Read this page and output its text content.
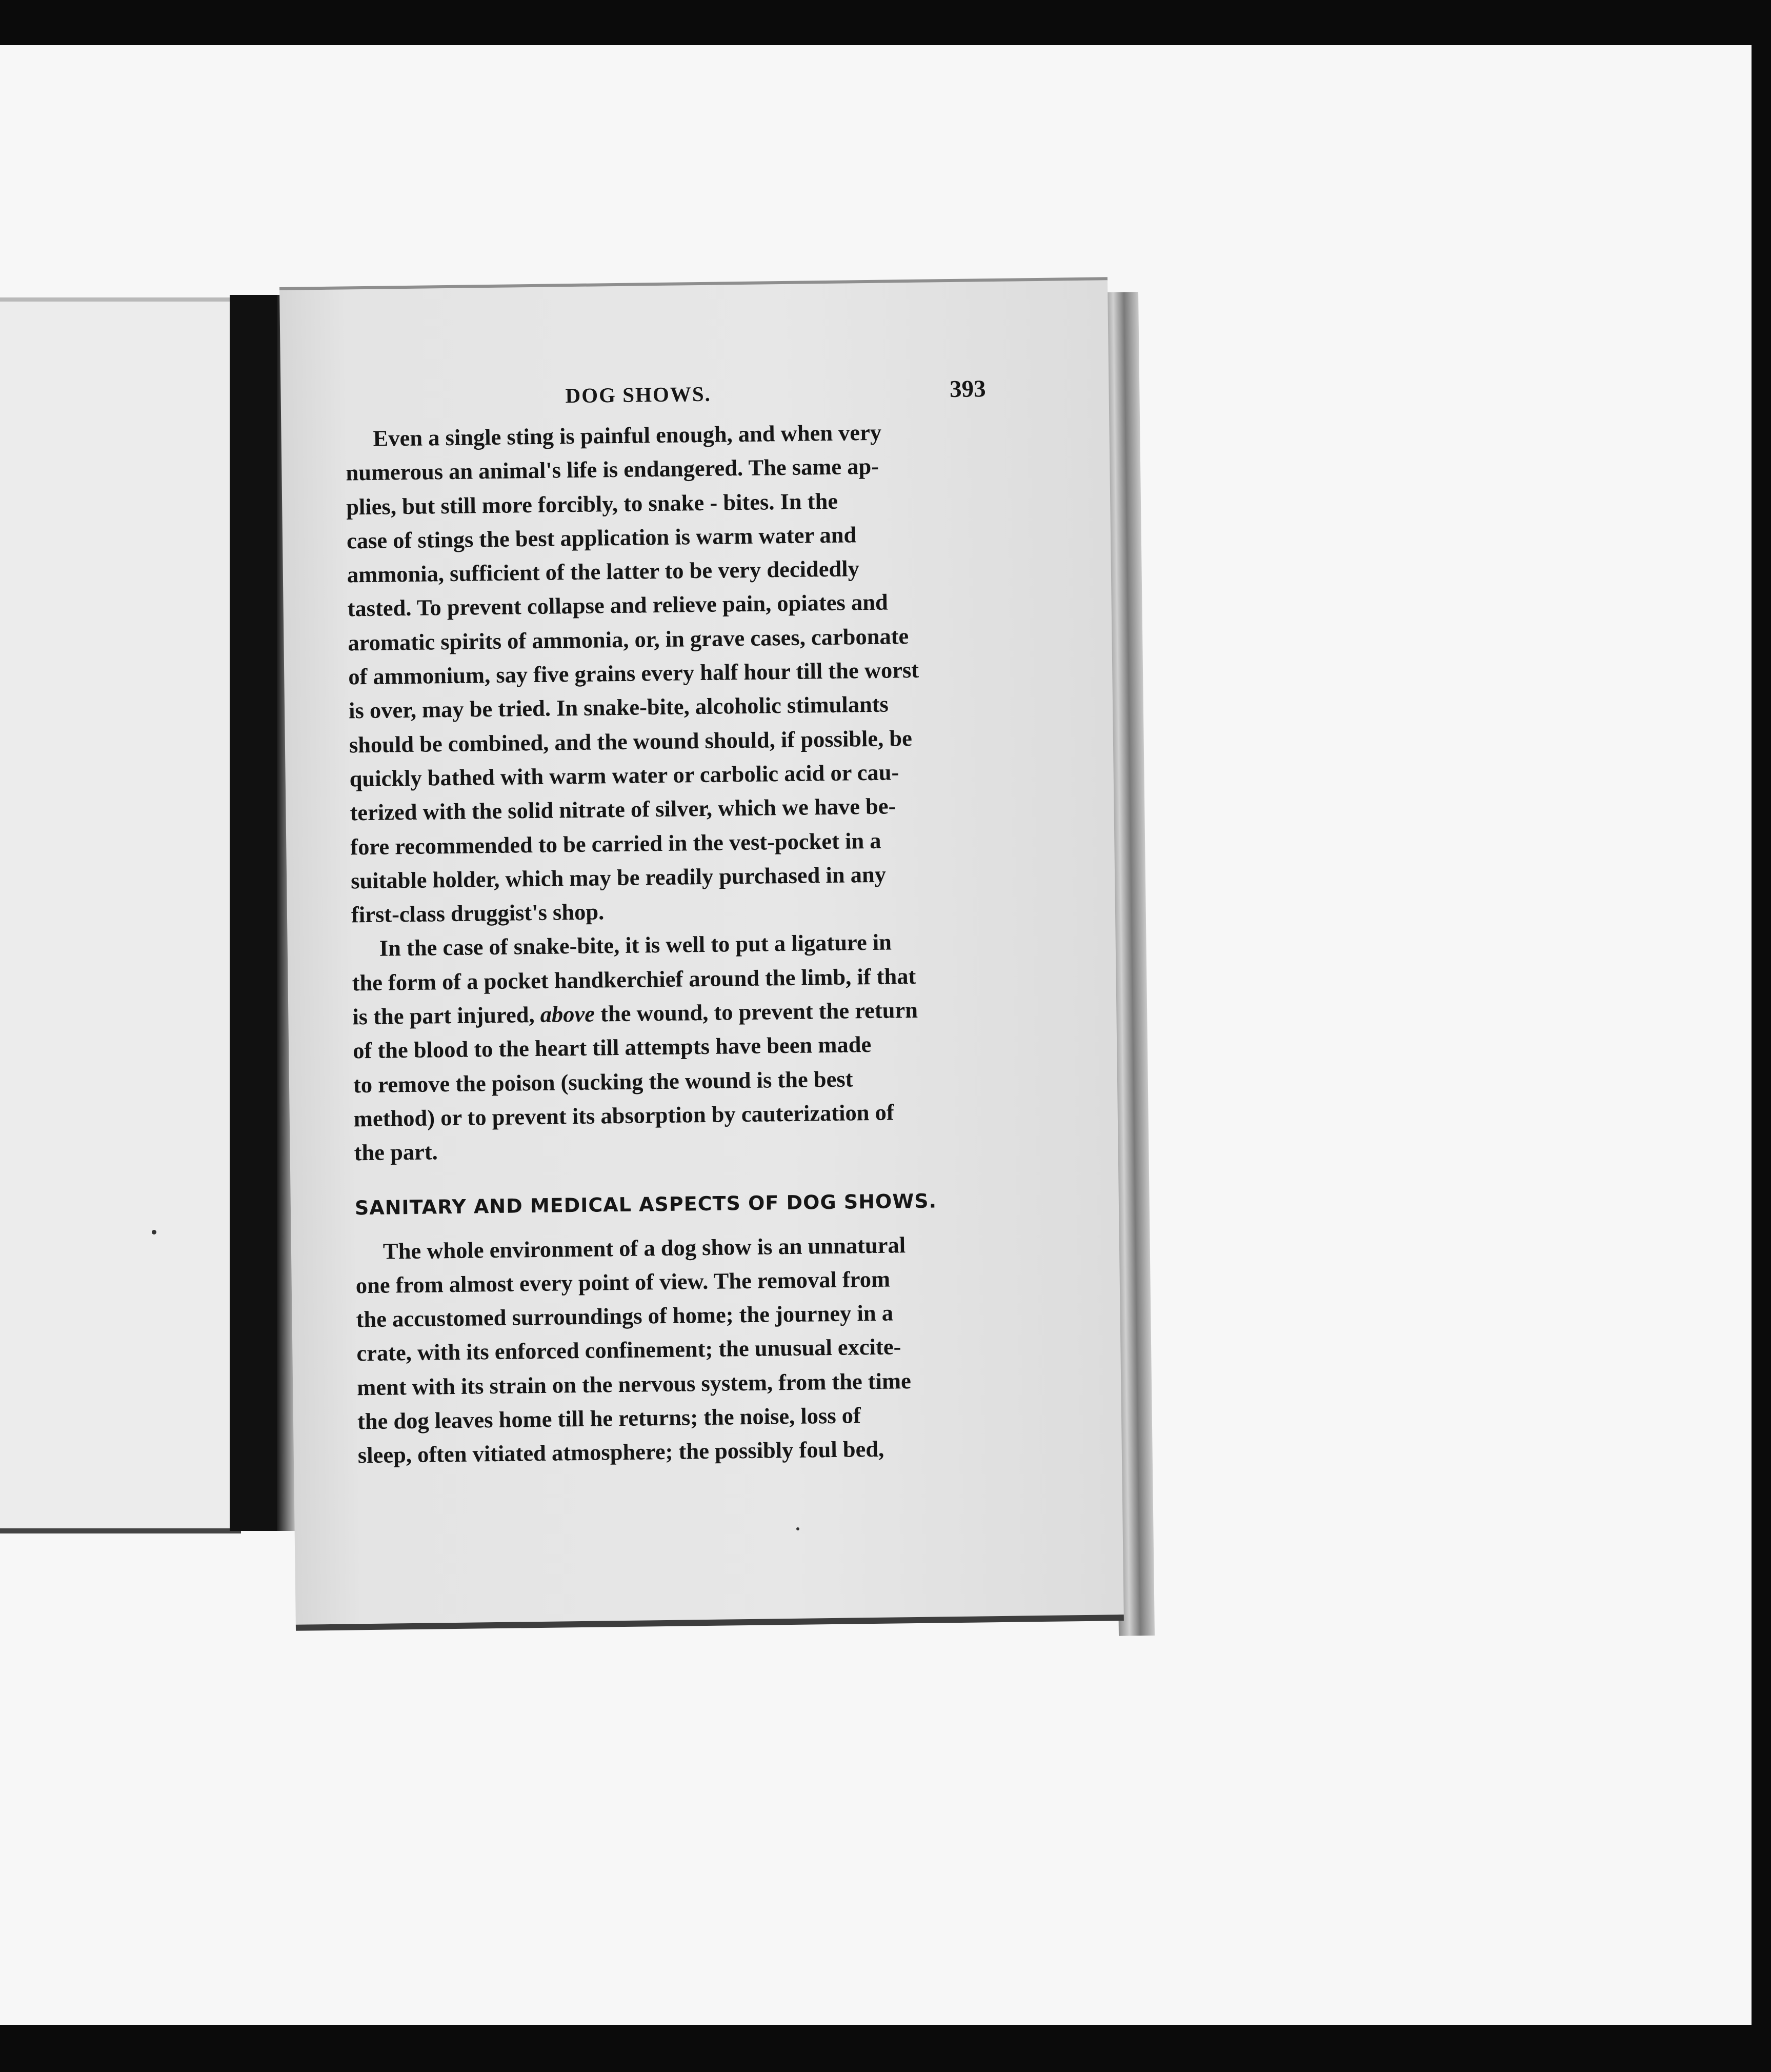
DOG SHOWS.	393

Even a single sting is painful enough, and when very
numerous an animal's life is endangered. The same ap-
plies, but still more forcibly, to snake - bites. In the
case of stings the best application is warm water and
ammonia, sufficient of the latter to be very decidedly
tasted. To prevent collapse and relieve pain, opiates and
aromatic spirits of ammonia, or, in grave cases, carbonate
of ammonium, say five grains every half hour till the worst
is over, may be tried. In snake-bite, alcoholic stimulants
should be combined, and the wound should, if possible, be
quickly bathed with warm water or carbolic acid or cau-
terized with the solid nitrate of silver, which we have be-
fore recommended to be carried in the vest-pocket in a
suitable holder, which may be readily purchased in any
first-class druggist's shop.

In the case of snake-bite, it is well to put a ligature in
the form of a pocket handkerchief around the limb, if that
is the part injured, above the wound, to prevent the return
of the blood to the heart till attempts have been made
to remove the poison (sucking the wound is the best
method) or to prevent its absorption by cauterization of
the part.

SANITARY AND MEDICAL ASPECTS OF DOG SHOWS.

The whole environment of a dog show is an unnatural
one from almost every point of view. The removal from
the accustomed surroundings of home; the journey in a
crate, with its enforced confinement; the unusual excite-
ment with its strain on the nervous system, from the time
the dog leaves home till he returns; the noise, loss of
sleep, often vitiated atmosphere; the possibly foul bed,
